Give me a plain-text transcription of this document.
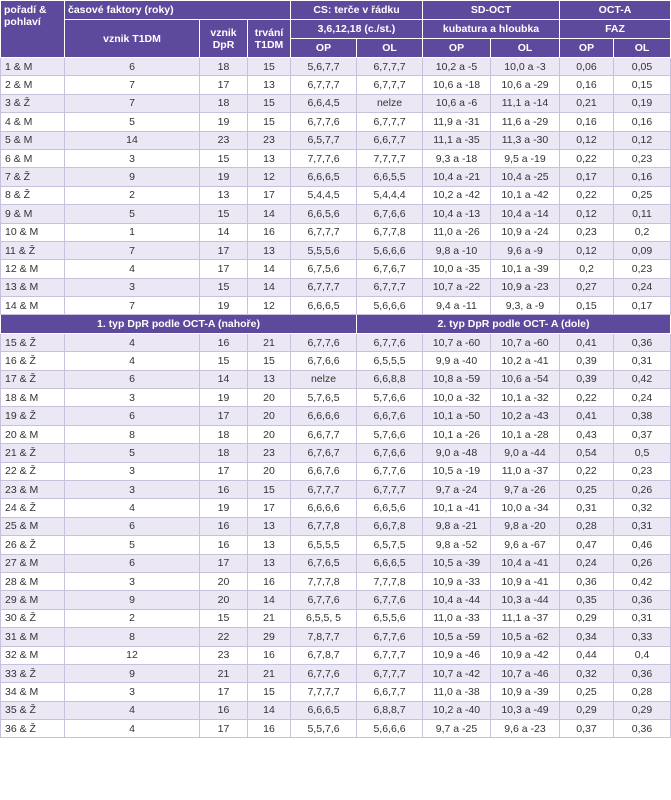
pořadí & pohlaví	časové faktory (roky)			CS: terče v řádku		SD-OCT		OCT-A	
	vznik T1DM	vznik DpR	trvání T1DM	3,6,12,18 (c./st.)		kubatura a hloubka		FAZ	
				OP	OL	OP	OL	OP	OL
1 & M	6	18	15	5,6,7,7	6,7,7,7	10,2 a -5	10,0 a -3	0,06	0,05
2 & M	7	17	13	6,7,7,7	6,7,7,7	10,6 a -18	10,6 a -29	0,16	0,15
3 & Ž	7	18	15	6,6,4,5	nelze	10,6 a -6	11,1 a -14	0,21	0,19
4 & M	5	19	15	6,7,7,6	6,7,7,7	11,9 a -31	11,6 a -29	0,16	0,16
5 & M	14	23	23	6,5,7,7	6,6,7,7	11,1 a -35	11,3 a -30	0,12	0,12
6 & M	3	15	13	7,7,7,6	7,7,7,7	9,3 a -18	9,5 a -19	0,22	0,23
7 & Ž	9	19	12	6,6,6,5	6,6,5,5	10,4 a -21	10,4 a -25	0,17	0,16
8 & Ž	2	13	17	5,4,4,5	5,4,4,4	10,2 a -42	10,1 a -42	0,22	0,25
9 & M	5	15	14	6,6,5,6	6,7,6,6	10,4 a -13	10,4 a -14	0,12	0,11
10 & M	1	14	16	6,7,7,7	6,7,7,8	11,0 a -26	10,9 a -24	0,23	0,2
11 & Ž	7	17	13	5,5,5,6	5,6,6,6	9,8 a -10	9,6 a -9	0,12	0,09
12 & M	4	17	14	6,7,5,6	6,7,6,7	10,0 a -35	10,1 a -39	0,2	0,23
13 & M	3	15	14	6,7,7,7	6,7,7,7	10,7 a -22	10,9 a -23	0,27	0,24
14 & M	7	19	12	6,6,6,5	5,6,6,6	9,4 a -11	9,3, a -9	0,15	0,17
1. typ DpR podle OCT-A (nahoře)					2. typ DpR podle OCT- A (dole)				
15 & Ž	4	16	21	6,7,7,6	6,7,7,6	10,7 a -60	10,7 a -60	0,41	0,36
16 & Ž	4	15	15	6,7,6,6	6,5,5,5	9,9 a -40	10,2 a -41	0,39	0,31
17 & Ž	6	14	13	nelze	6,6,8,8	10,8 a -59	10,6 a -54	0,39	0,42
18 & M	3	19	20	5,7,6,5	5,7,6,6	10,0 a -32	10,1 a -32	0,22	0,24
19 & Ž	6	17	20	6,6,6,6	6,6,7,6	10,1 a -50	10,2 a -43	0,41	0,38
20 & M	8	18	20	6,6,7,7	5,7,6,6	10,1 a -26	10,1 a -28	0,43	0,37
21 & Ž	5	18	23	6,7,6,7	6,7,6,6	9,0 a -48	9,0 a -44	0,54	0,5
22 & Ž	3	17	20	6,6,7,6	6,7,7,6	10,5 a -19	11,0 a -37	0,22	0,23
23 & M	3	16	15	6,7,7,7	6,7,7,7	9,7 a -24	9,7 a -26	0,25	0,26
24 & Ž	4	19	17	6,6,6,6	6,6,5,6	10,1 a -41	10,0 a -34	0,31	0,32
25 & M	6	16	13	6,7,7,8	6,6,7,8	9,8 a -21	9,8 a -20	0,28	0,31
26 & Ž	5	16	13	6,5,5,5	6,5,7,5	9,8 a -52	9,6 a -67	0,47	0,46
27 & M	6	17	13	6,7,6,5	6,6,6,5	10,5 a -39	10,4 a -41	0,24	0,26
28 & M	3	20	16	7,7,7,8	7,7,7,8	10,9 a -33	10,9 a -41	0,36	0,42
29 & M	9	20	14	6,7,7,6	6,7,7,6	10,4 a -44	10,3 a -44	0,35	0,36
30 & Ž	2	15	21	6,5,5, 5	6,5,5,6	11,0 a -33	11,1 a -37	0,29	0,31
31 & M	8	22	29	7,8,7,7	6,7,7,6	10,5 a -59	10,5 a -62	0,34	0,33
32 & M	12	23	16	6,7,8,7	6,7,7,7	10,9 a -46	10,9 a -42	0,44	0,4
33 & Ž	9	21	21	6,7,7,6	6,7,7,7	10,7 a -42	10,7 a -46	0,32	0,36
34 & M	3	17	15	7,7,7,7	6,6,7,7	11,0 a -38	10,9 a -39	0,25	0,28
35 & Ž	4	16	14	6,6,6,5	6,8,8,7	10,2 a -40	10,3 a -49	0,29	0,29
36 & Ž	4	17	16	5,5,7,6	5,6,6,6	9,7 a -25	9,6 a -23	0,37	0,36
